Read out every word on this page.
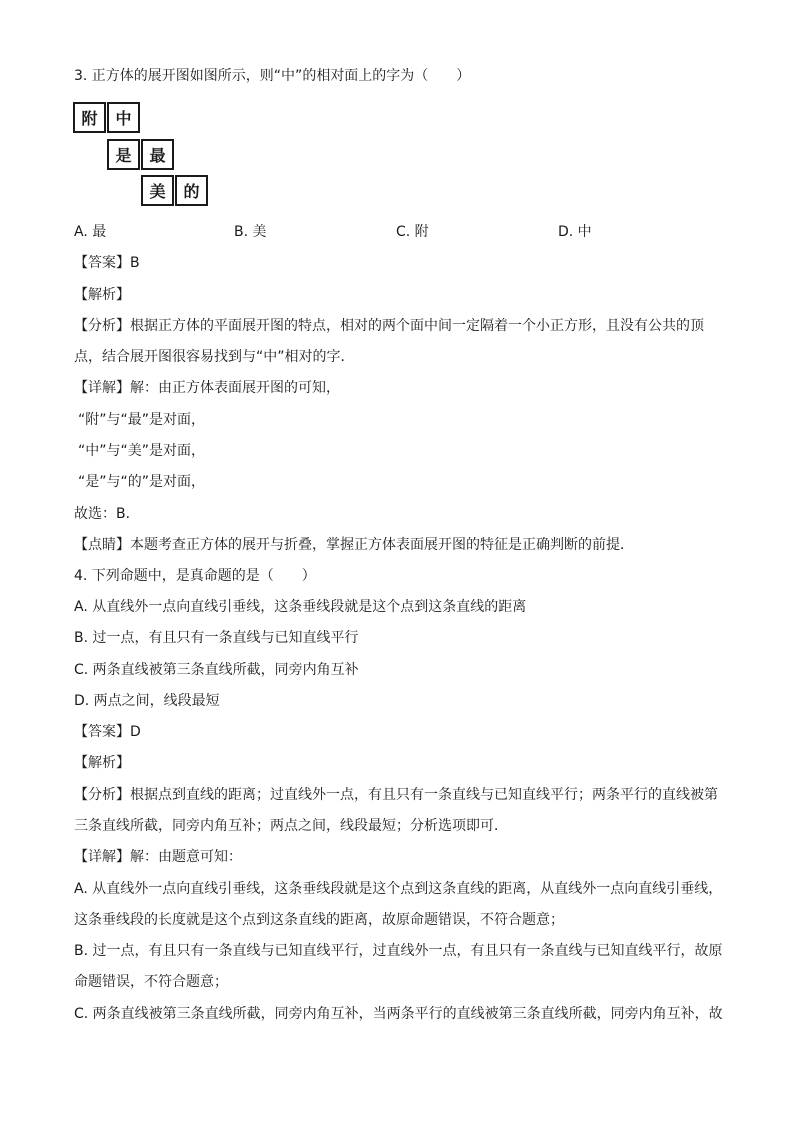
3. 正方体的展开图如图所示，则“中”的相对面上的字为（　　）
附	中
是	最
美	的
A. 最	B. 美	C. 附	D. 中
【答案】B
【解析】
【分析】根据正方体的平面展开图的特点，相对的两个面中间一定隔着一个小正方形，且没有公共的顶
点，结合展开图很容易找到与“中”相对的字．
【详解】解：由正方体表面展开图的可知，
“附”与“最”是对面，
“中”与“美”是对面，
“是”与“的”是对面，
故选：B．
【点睛】本题考查正方体的展开与折叠，掌握正方体表面展开图的特征是正确判断的前提．
4. 下列命题中，是真命题的是（　　）
A. 从直线外一点向直线引垂线，这条垂线段就是这个点到这条直线的距离
B. 过一点，有且只有一条直线与已知直线平行
C. 两条直线被第三条直线所截，同旁内角互补
D. 两点之间，线段最短
【答案】D
【解析】
【分析】根据点到直线的距离；过直线外一点，有且只有一条直线与已知直线平行；两条平行的直线被第
三条直线所截，同旁内角互补；两点之间，线段最短；分析选项即可．
【详解】解：由题意可知：
A. 从直线外一点向直线引垂线，这条垂线段就是这个点到这条直线的距离，从直线外一点向直线引垂线，
这条垂线段的长度就是这个点到这条直线的距离，故原命题错误，不符合题意；
B. 过一点，有且只有一条直线与已知直线平行，过直线外一点，有且只有一条直线与已知直线平行，故原
命题错误，不符合题意；
C. 两条直线被第三条直线所截，同旁内角互补，当两条平行的直线被第三条直线所截，同旁内角互补，故
